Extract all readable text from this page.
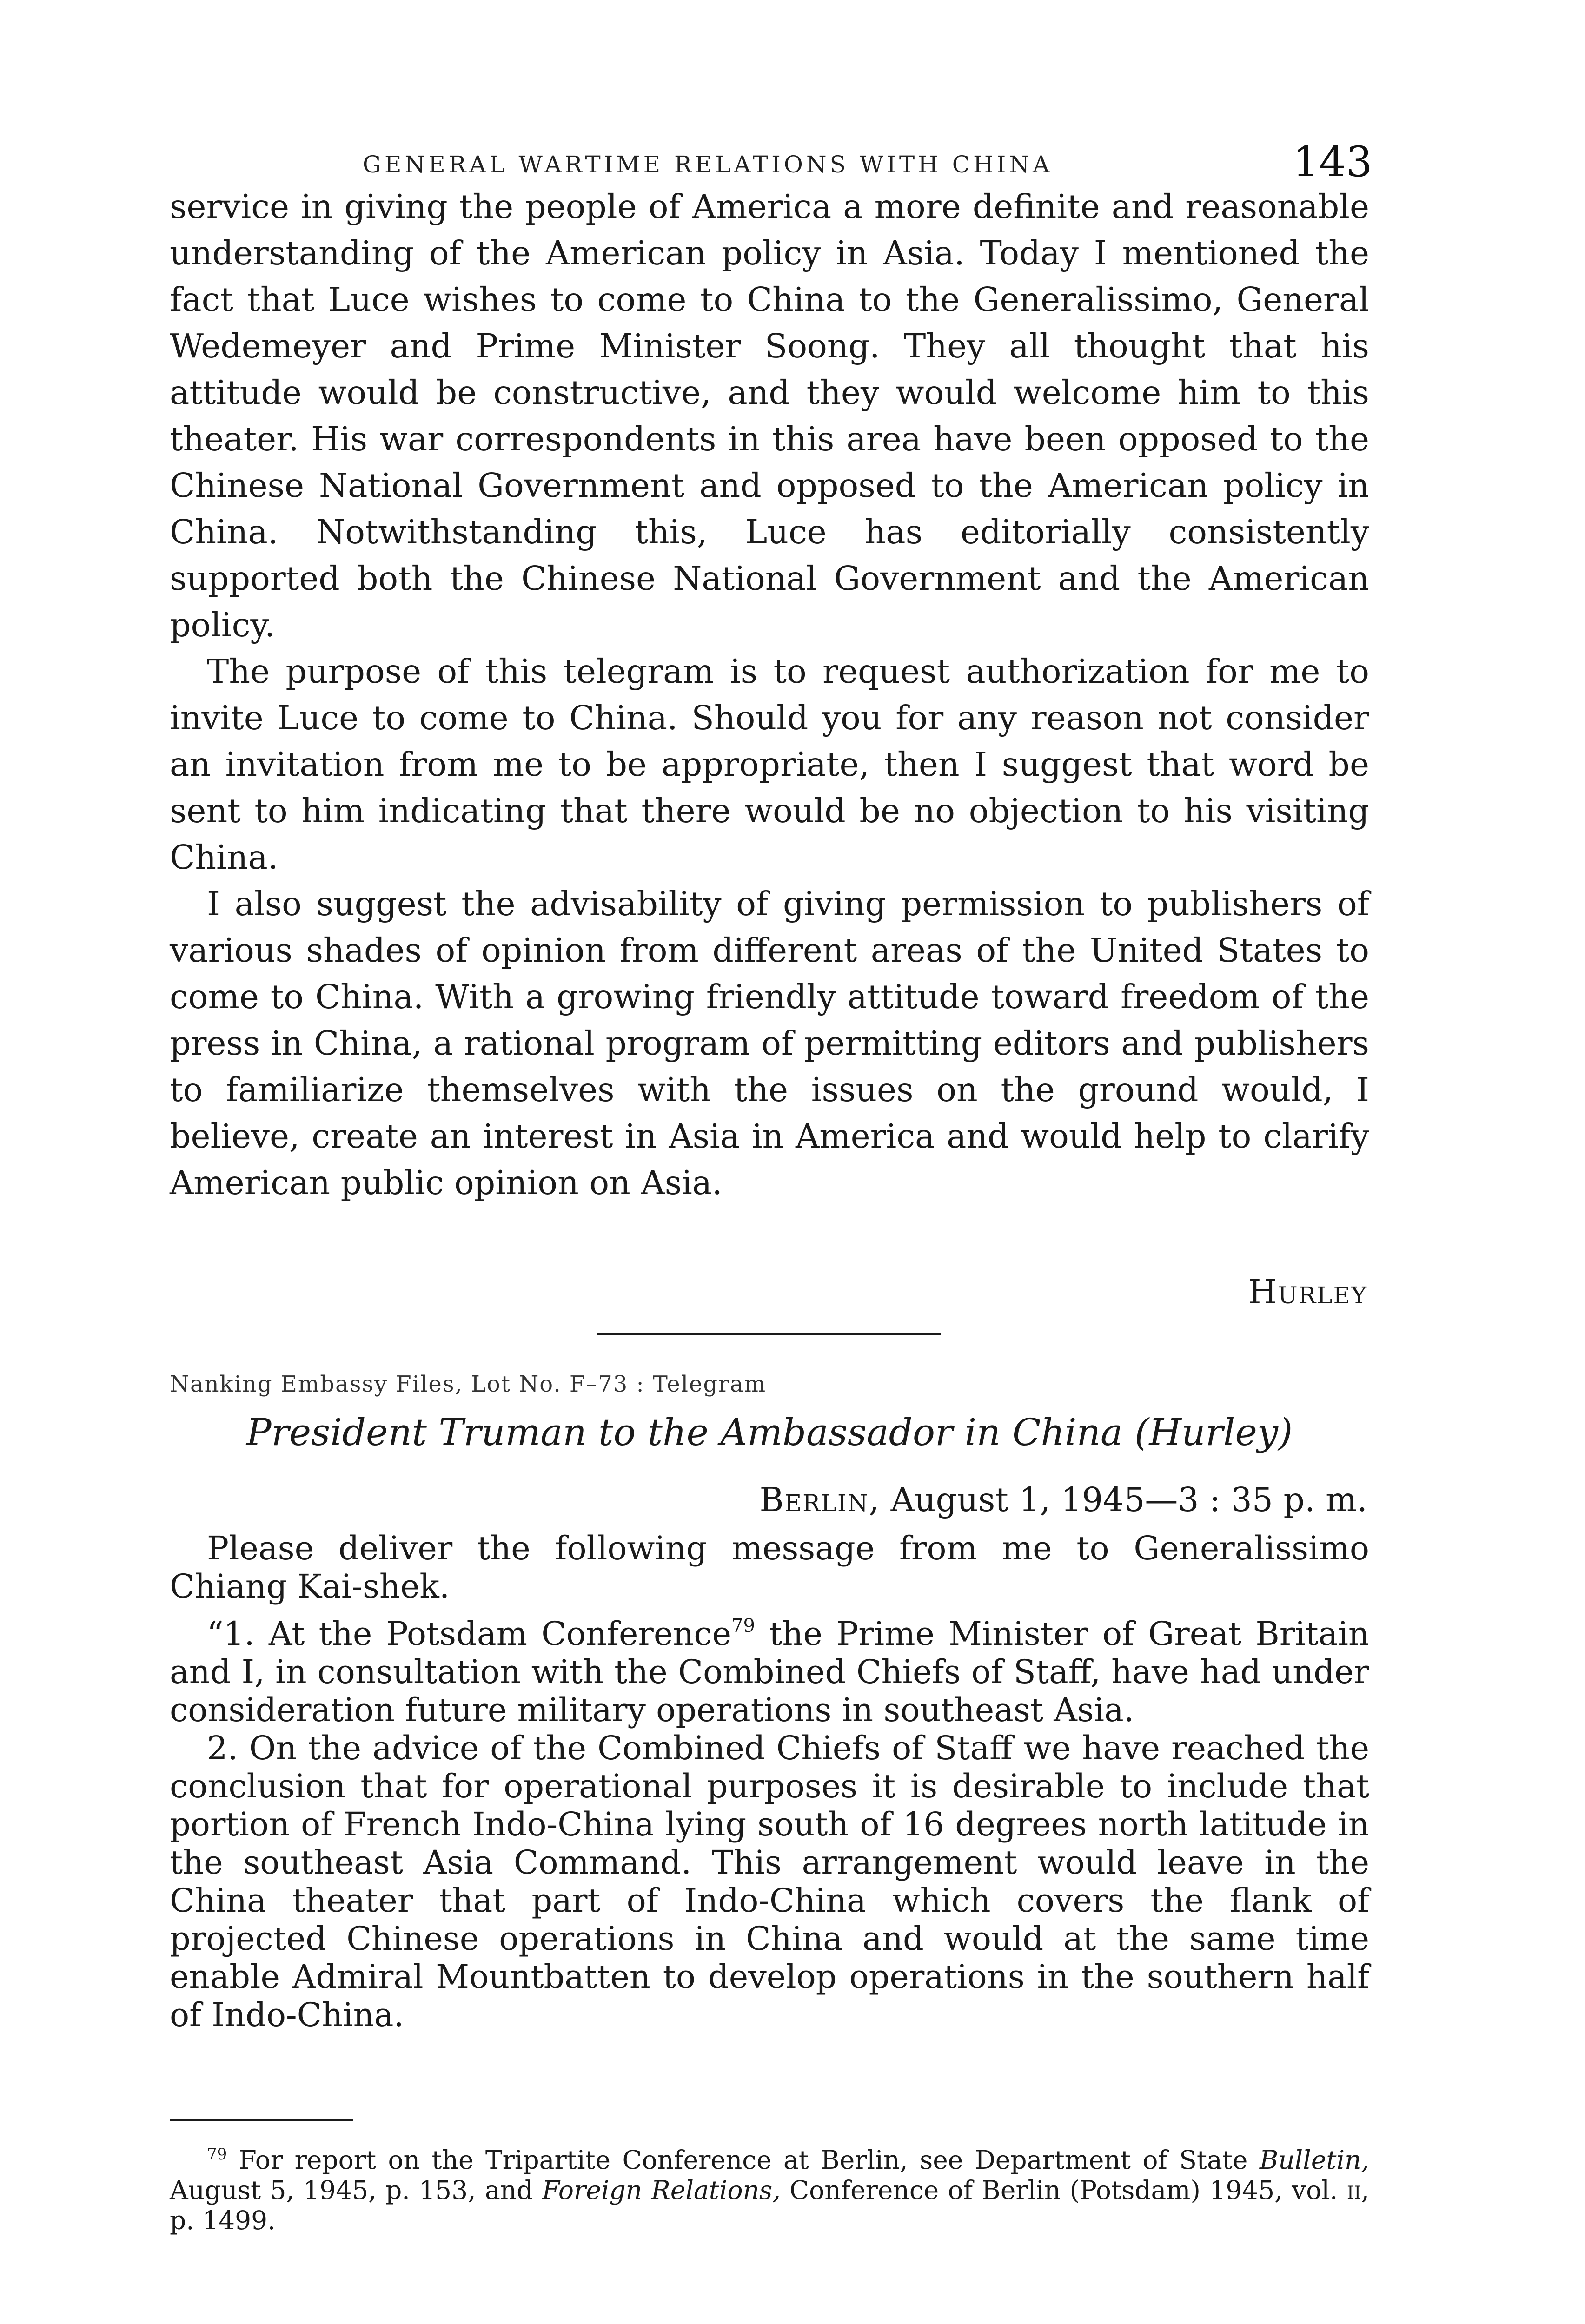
GENERAL WARTIME RELATIONS WITH CHINA	143

service in giving the people of America a more definite and reasonable understanding of the American policy in Asia. Today I mentioned the fact that Luce wishes to come to China to the Generalissimo, General Wedemeyer and Prime Minister Soong. They all thought that his attitude would be constructive, and they would welcome him to this theater. His war correspondents in this area have been opposed to the Chinese National Government and opposed to the American policy in China. Notwithstanding this, Luce has editorially consistently supported both the Chinese National Government and the American policy.

The purpose of this telegram is to request authorization for me to invite Luce to come to China. Should you for any reason not consider an invitation from me to be appropriate, then I suggest that word be sent to him indicating that there would be no objection to his visiting China.

I also suggest the advisability of giving permission to publishers of various shades of opinion from different areas of the United States to come to China. With a growing friendly attitude toward freedom of the press in China, a rational program of permitting editors and publishers to familiarize themselves with the issues on the ground would, I believe, create an interest in Asia in America and would help to clarify American public opinion on Asia.

Hurley
Nanking Embassy Files, Lot No. F–73 : Telegram
President Truman to the Ambassador in China (Hurley)
Berlin, August 1, 1945—3 : 35 p. m.

Please deliver the following message from me to Generalissimo Chiang Kai-shek.

“1. At the Potsdam Conference$^{79}$ the Prime Minister of Great Britain and I, in consultation with the Combined Chiefs of Staff, have had under consideration future military operations in southeast Asia.

2. On the advice of the Combined Chiefs of Staff we have reached the conclusion that for operational purposes it is desirable to include that portion of French Indo-China lying south of 16 degrees north latitude in the southeast Asia Command. This arrangement would leave in the China theater that part of Indo-China which covers the flank of projected Chinese operations in China and would at the same time enable Admiral Mountbatten to develop operations in the southern half of Indo-China.

$^{79}$ For report on the Tripartite Conference at Berlin, see Department of State Bulletin, August 5, 1945, p. 153, and Foreign Relations, Conference of Berlin (Potsdam) 1945, vol. ii, p. 1499.
